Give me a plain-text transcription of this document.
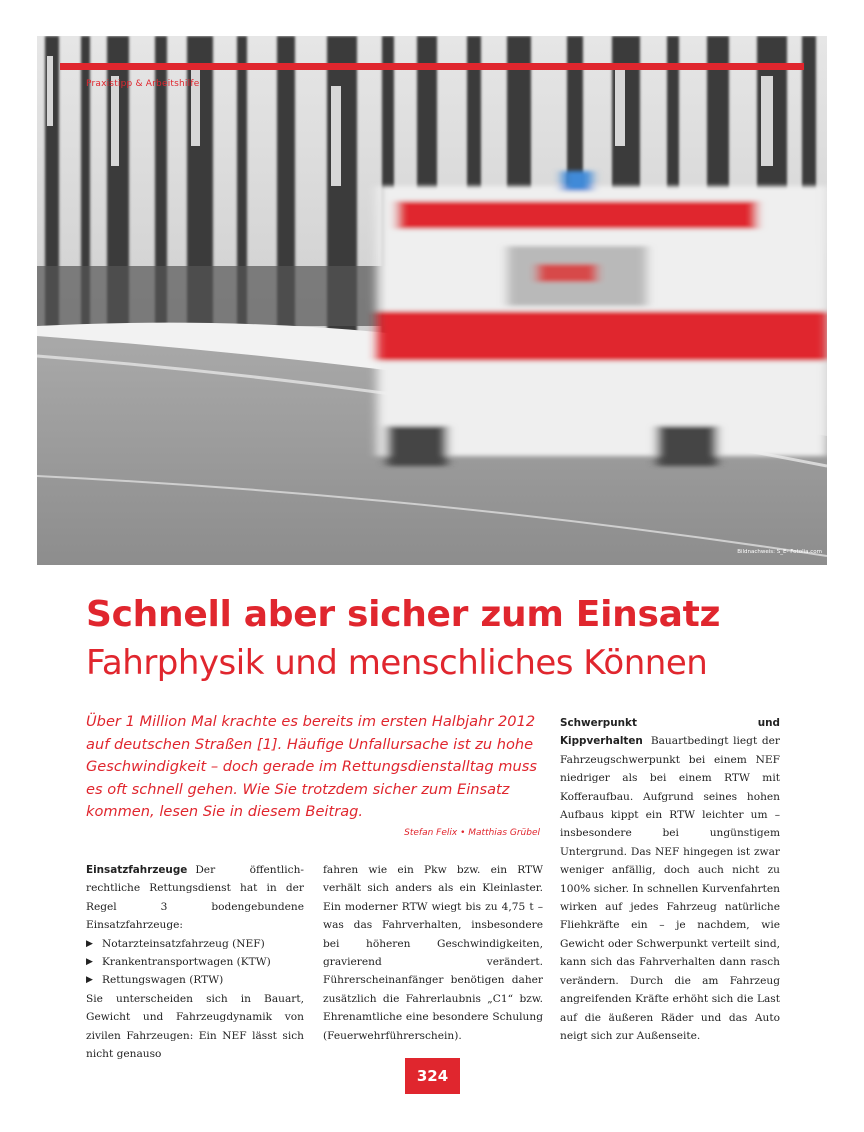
Praxistipp & Arbeitshilfe
Bildnachweis: S_E- Fotolia.com
Schnell aber sicher zum Einsatz
Fahrphysik und menschliches Können
Über 1 Million Mal krachte es bereits im ersten Halbjahr 2012 auf deutschen Straßen [1]. Häufige Unfallursache ist zu hohe Geschwindigkeit – doch gerade im Rettungsdienstalltag muss es oft schnell gehen. Wie Sie trotzdem sicher zum Einsatz kommen, lesen Sie in diesem Beitrag.
Stefan Felix • Matthias Grübel

Einsatzfahrzeuge Der öffentlich-rechtliche Rettungsdienst hat in der Regel 3 bodengebundene Einsatzfahrzeuge:

▶ Notarzteinsatzfahrzeug (NEF)
▶ Krankentransportwagen (KTW)
▶ Rettungswagen (RTW)

Sie unterscheiden sich in Bauart, Gewicht und Fahrzeugdynamik von zivilen Fahrzeugen: Ein NEF lässt sich nicht genauso

fahren wie ein Pkw bzw. ein RTW verhält sich anders als ein Kleinlaster. Ein moderner RTW wiegt bis zu 4,75 t – was das Fahrverhalten, insbesondere bei höheren Geschwindigkeiten, gravierend verändert. Führerscheinanfänger benötigen daher zusätzlich die Fahrerlaubnis „C1“ bzw. Ehrenamtliche eine besondere Schulung (Feuerwehrführerschein).

Schwerpunkt und Kippverhalten Bauartbedingt liegt der Fahrzeugschwerpunkt bei einem NEF niedriger als bei einem RTW mit Kofferaufbau. Aufgrund seines hohen Aufbaus kippt ein RTW leichter um – insbesondere bei ungünstigem Untergrund. Das NEF hingegen ist zwar weniger anfällig, doch auch nicht zu 100% sicher. In schnellen Kurvenfahrten wirken auf jedes Fahrzeug natürliche Fliehkräfte ein – je nachdem, wie Gewicht oder Schwerpunkt verteilt sind, kann sich das Fahrverhalten dann rasch verändern. Durch die am Fahrzeug angreifenden Kräfte erhöht sich die Last auf die äußeren Räder und das Auto neigt sich zur Außenseite.

324
